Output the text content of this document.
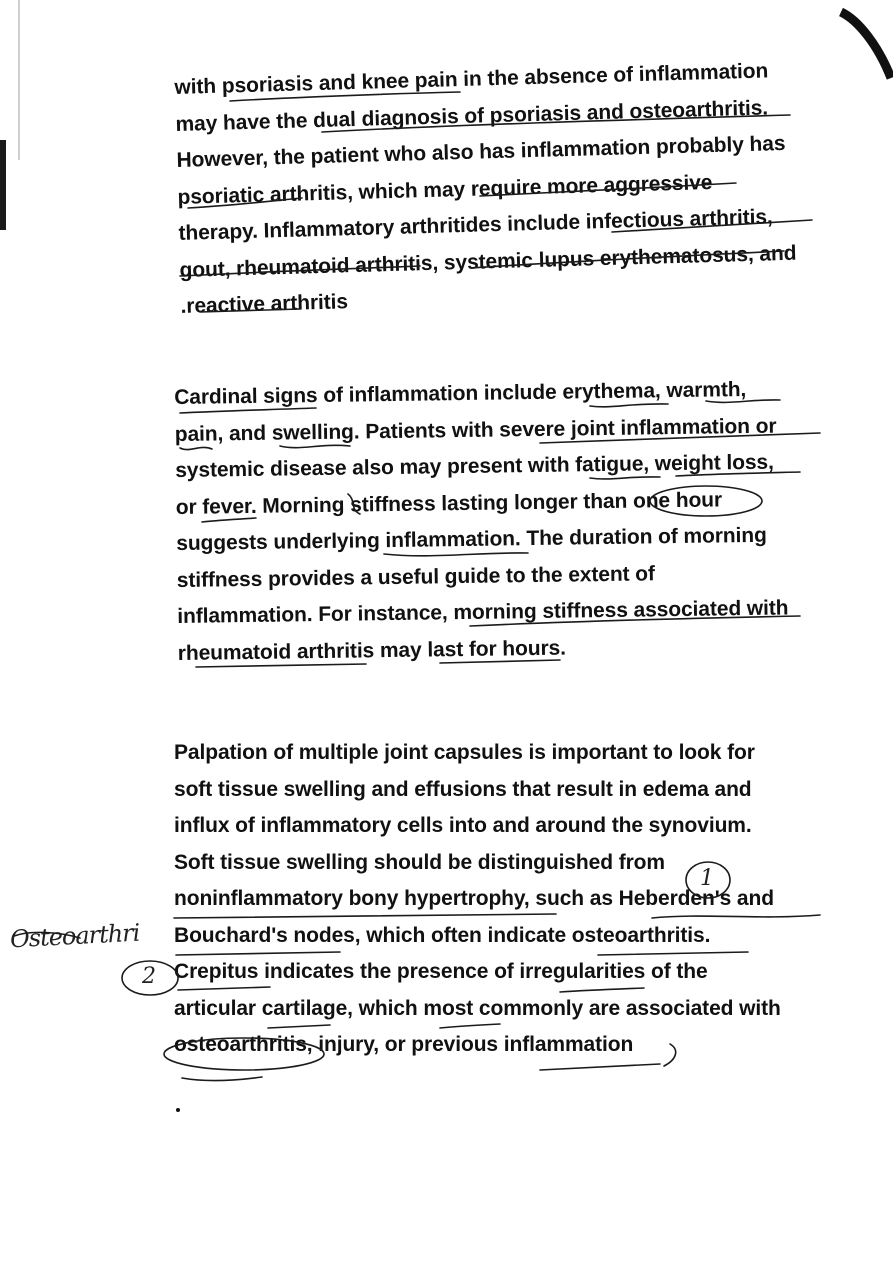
with psoriasis and knee pain in the absence of inflammation
may have the dual diagnosis of psoriasis and osteoarthritis.
However, the patient who also has inflammation probably has
psoriatic arthritis, which may require more aggressive
therapy. Inflammatory arthritides include infectious arthritis,
gout, rheumatoid arthritis, systemic lupus erythematosus, and
.reactive arthritis
Cardinal signs of inflammation include erythema, warmth,
pain, and swelling. Patients with severe joint inflammation or
systemic disease also may present with fatigue, weight loss,
or fever. Morning stiffness lasting longer than one hour
suggests underlying inflammation. The duration of morning
stiffness provides a useful guide to the extent of
inflammation. For instance, morning stiffness associated with
rheumatoid arthritis may last for hours.
Palpation of multiple joint capsules is important to look for
soft tissue swelling and effusions that result in edema and
influx of inflammatory cells into and around the synovium.
Soft tissue swelling should be distinguished from
noninflammatory bony hypertrophy, such as Heberden's and
Bouchard's nodes, which often indicate osteoarthritis.
Crepitus indicates the presence of irregularities of the
articular cartilage, which most commonly are associated with
osteoarthritis, injury, or previous inflammation
Osteoarthri
1
2
